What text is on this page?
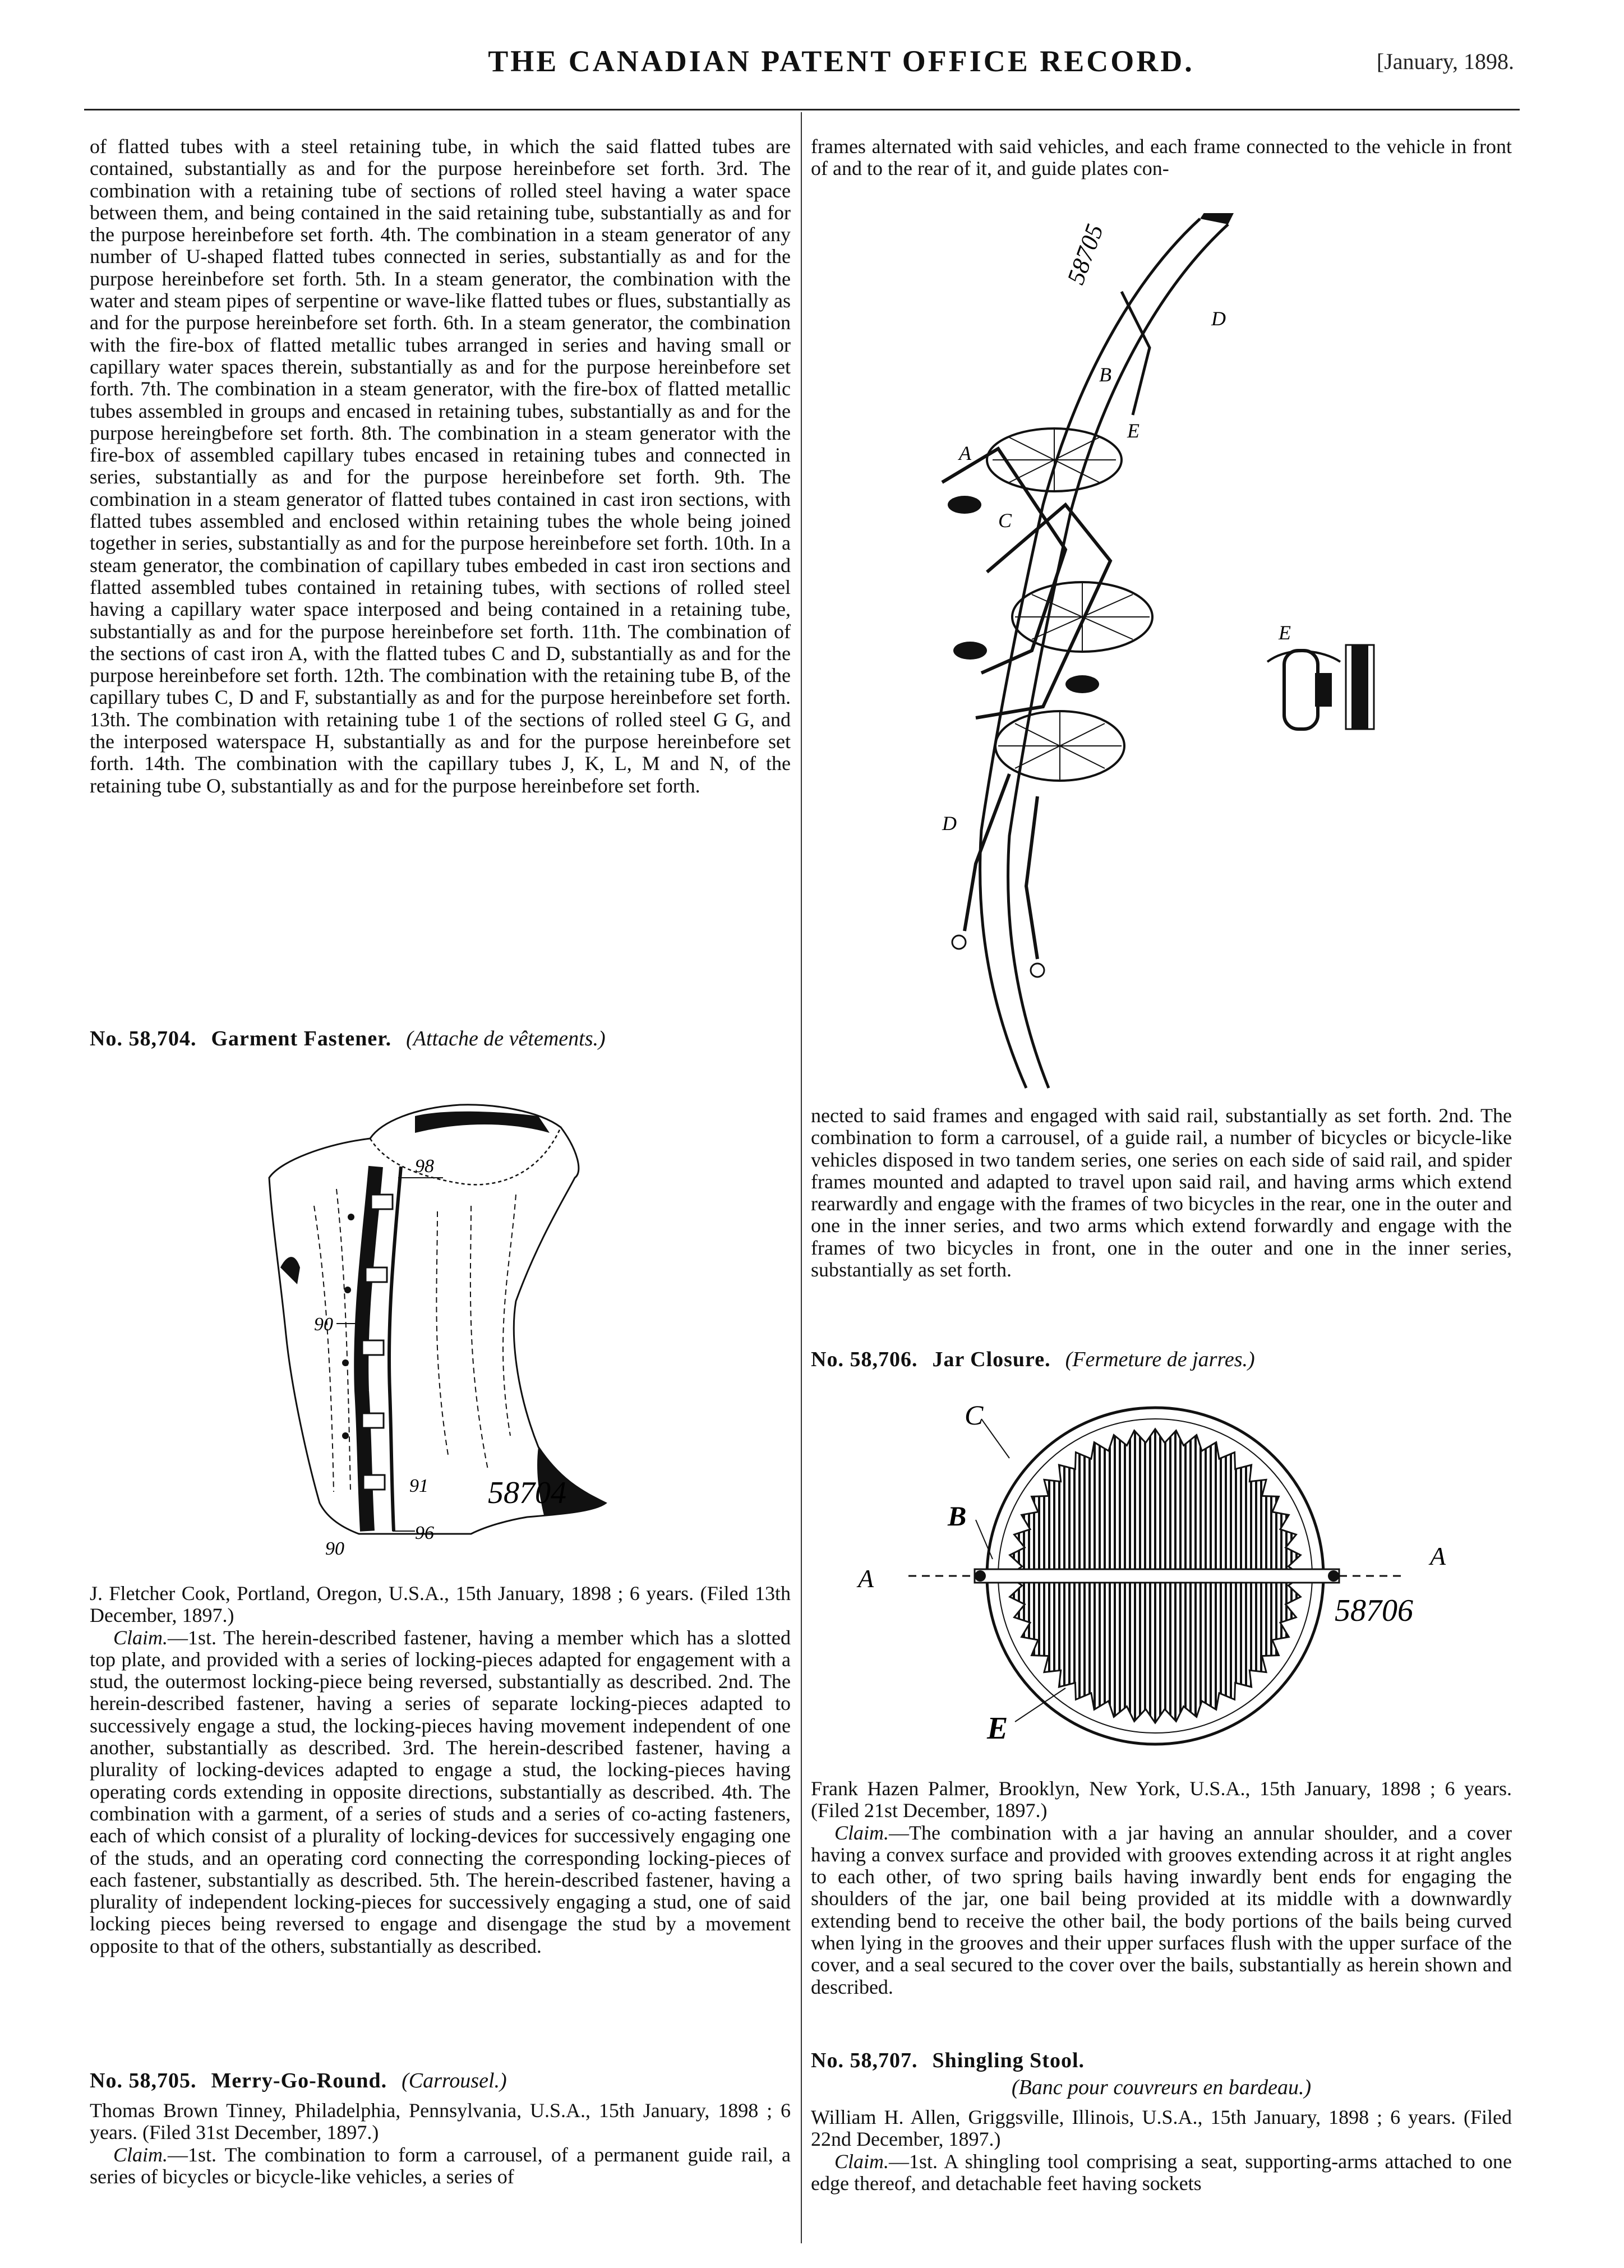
THE CANADIAN PATENT OFFICE RECORD.	[January, 1898.

of flatted tubes with a steel retaining tube, in which the said flatted tubes are contained, substantially as and for the purpose hereinbefore set forth. 3rd. The combination with a retaining tube of sections of rolled steel having a water space between them, and being contained in the said retaining tube, substantially as and for the purpose hereinbefore set forth. 4th. The combination in a steam generator of any number of U-shaped flatted tubes connected in series, substantially as and for the purpose hereinbefore set forth. 5th. In a steam generator, the combination with the water and steam pipes of serpentine or wave-like flatted tubes or flues, substantially as and for the purpose hereinbefore set forth. 6th. In a steam generator, the combination with the fire-box of flatted metallic tubes arranged in series and having small or capillary water spaces therein, substantially as and for the purpose hereinbefore set forth. 7th. The combination in a steam generator, with the fire-box of flatted metallic tubes assembled in groups and encased in retaining tubes, substantially as and for the purpose hereingbefore set forth. 8th. The combination in a steam generator with the fire-box of assembled capillary tubes encased in retaining tubes and connected in series, substantially as and for the purpose hereinbefore set forth. 9th. The combination in a steam generator of flatted tubes contained in cast iron sections, with flatted tubes assembled and enclosed within retaining tubes the whole being joined together in series, substantially as and for the purpose hereinbefore set forth. 10th. In a steam generator, the combination of capillary tubes embeded in cast iron sections and flatted assembled tubes contained in retaining tubes, with sections of rolled steel having a capillary water space interposed and being contained in a retaining tube, substantially as and for the purpose hereinbefore set forth. 11th. The combination of the sections of cast iron A, with the flatted tubes C and D, substantially as and for the purpose hereinbefore set forth. 12th. The combination with the retaining tube B, of the capillary tubes C, D and F, substantially as and for the purpose hereinbefore set forth. 13th. The combination with retaining tube 1 of the sections of rolled steel G G, and the interposed waterspace H, substantially as and for the purpose hereinbefore set forth. 14th. The combination with the capillary tubes J, K, L, M and N, of the retaining tube O, substantially as and for the purpose hereinbefore set forth.

No. 58,704. Garment Fastener. (Attache de vêtements.)
98
90
91
96
90
58704

J. Fletcher Cook, Portland, Oregon, U.S.A., 15th January, 1898 ; 6 years. (Filed 13th December, 1897.)

Claim.—1st. The herein-described fastener, having a member which has a slotted top plate, and provided with a series of locking-pieces adapted for engagement with a stud, the outermost locking-piece being reversed, substantially as described. 2nd. The herein-described fastener, having a series of separate locking-pieces adapted to successively engage a stud, the locking-pieces having movement independent of one another, substantially as described. 3rd. The herein-described fastener, having a plurality of locking-devices adapted to engage a stud, the locking-pieces having operating cords extending in opposite directions, substantially as described. 4th. The combination with a garment, of a series of studs and a series of co-acting fasteners, each of which consist of a plurality of locking-devices for successively engaging one of the studs, and an operating cord connecting the corresponding locking-pieces of each fastener, substantially as described. 5th. The herein-described fastener, having a plurality of independent locking-pieces for successively engaging a stud, one of said locking pieces being reversed to engage and disengage the stud by a movement opposite to that of the others, substantially as described.

No. 58,705. Merry-Go-Round. (Carrousel.)

Thomas Brown Tinney, Philadelphia, Pennsylvania, U.S.A., 15th January, 1898 ; 6 years. (Filed 31st December, 1897.)

Claim.—1st. The combination to form a carrousel, of a permanent guide rail, a series of bicycles or bicycle-like vehicles, a series of

frames alternated with said vehicles, and each frame connected to the vehicle in front of and to the rear of it, and guide plates con-

58705
A
B
D
E
C
D
E

nected to said frames and engaged with said rail, substantially as set forth. 2nd. The combination to form a carrousel, of a guide rail, a number of bicycles or bicycle-like vehicles disposed in two tandem series, one series on each side of said rail, and spider frames mounted and adapted to travel upon said rail, and having arms which extend rearwardly and engage with the frames of two bicycles in the rear, one in the outer and one in the inner series, and two arms which extend forwardly and engage with the frames of two bicycles in front, one in the outer and one in the inner series, substantially as set forth.

No. 58,706. Jar Closure. (Fermeture de jarres.)
C
B
A
A
E
58706

Frank Hazen Palmer, Brooklyn, New York, U.S.A., 15th January, 1898 ; 6 years. (Filed 21st December, 1897.)

Claim.—The combination with a jar having an annular shoulder, and a cover having a convex surface and provided with grooves extending across it at right angles to each other, of two spring bails having inwardly bent ends for engaging the shoulders of the jar, one bail being provided at its middle with a downwardly extending bend to receive the other bail, the body portions of the bails being curved when lying in the grooves and their upper surfaces flush with the upper surface of the cover, and a seal secured to the cover over the bails, substantially as herein shown and described.

No. 58,707. Shingling Stool.
(Banc pour couvreurs en bardeau.)

William H. Allen, Griggsville, Illinois, U.S.A., 15th January, 1898 ; 6 years. (Filed 22nd December, 1897.)

Claim.—1st. A shingling tool comprising a seat, supporting-arms attached to one edge thereof, and detachable feet having sockets
